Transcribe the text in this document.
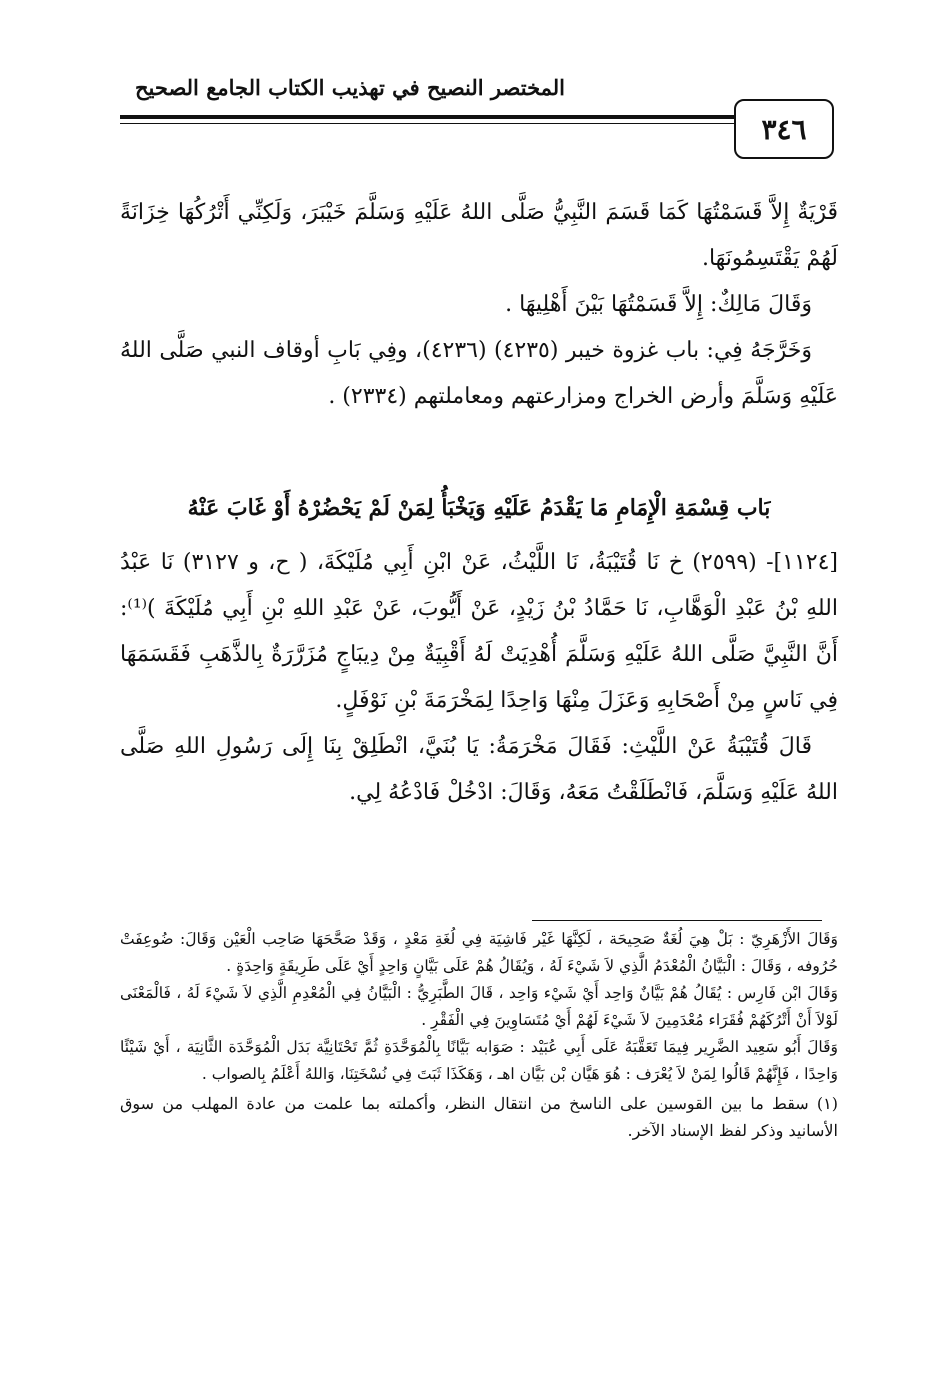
المختصر النصيح في تهذيب الكتاب الجامع الصحيح
٣٤٦

قَرْيَةٌ إِلاَّ قَسَمْتُهَا كَمَا قَسَمَ النَّبِيُّ صَلَّى اللهُ عَلَيْهِ وَسَلَّمَ خَيْبَرَ، وَلَكِنِّي أَتْرُكُهَا خِزَانَةً لَهُمْ يَقْتَسِمُونَهَا.

وَقَالَ مَالِكٌ: إِلاَّ قَسَمْتُهَا بَيْنَ أَهْلِيهَا .

وَخَرَّجَهُ فِي: باب غزوة خيبر (٤٢٣٥) (٤٢٣٦)، وفِي بَابِ أوقاف النبي صَلَّى اللهُ عَلَيْهِ وَسَلَّمَ وأرض الخراج ومزارعتهم ومعاملتهم (٢٣٣٤) .

بَاب قِسْمَةِ الْإِمَامِ مَا يَقْدَمُ عَلَيْهِ وَيَخْبَأُ لِمَنْ لَمْ يَحْضُرْهُ أَوْ غَابَ عَنْهُ

[١١٢٤]- (٢٥٩٩) خ نَا قُتَيْبَةُ، نَا اللَّيْثُ، عَنْ ابْنِ أَبِي مُلَيْكَةَ، ( ح، و ٣١٢٧) نَا عَبْدُ اللهِ بْنُ عَبْدِ الْوَهَّابِ، نَا حَمَّادُ بْنُ زَيْدٍ، عَنْ أَيُّوبَ، عَنْ عَبْدِ اللهِ بْنِ أَبِي مُلَيْكَةَ )⁽¹⁾: أَنَّ النَّبِيَّ صَلَّى اللهُ عَلَيْهِ وَسَلَّمَ أُهْدِيَتْ لَهُ أَقْبِيَةٌ مِنْ دِيبَاجٍ مُزَرَّرَةٌ بِالذَّهَبِ فَقَسَمَهَا فِي نَاسٍ مِنْ أَصْحَابِهِ وَعَزَلَ مِنْهَا وَاحِدًا لِمَخْرَمَةَ بْنِ نَوْفَلٍ.

قَالَ قُتَيْبَةُ عَنْ اللَّيْثِ: فَقَالَ مَخْرَمَةُ: يَا بُنَيَّ، انْطَلِقْ بِنَا إِلَى رَسُولِ اللهِ صَلَّى اللهُ عَلَيْهِ وَسَلَّمَ، فَانْطَلَقْتُ مَعَهُ، وَقَالَ: ادْخُلْ فَادْعُهُ لِي.

وَقَالَ الأَزْهَرِيّ : بَلْ هِيَ لُغَةٌ صَحِيحَة ، لَكِنَّهَا غَيْر فَاشِيَة فِي لُغَةِ مَعْدٍ ، وَقَدْ صَحَّحَهَا صَاحِب الْعَيْن وَقَالَ: ضُوعِفَتْ حُرُوفه ، وَقَالَ : الْبَيَّانُ الْمُعْدَمُ الَّذِي لاَ شَيْءَ لَهُ ، وَيُقَالُ هُمْ عَلَى بَيَّانٍ وَاحِدٍ أَيْ عَلَى طَرِيقَةٍ وَاحِدَةٍ .

وَقَالَ ابْن فَارِس : يُقَالُ هُمْ بَيَّانٌ وَاحِد أَيْ شَيْء وَاحِد ، قَالَ الطَّبَرِيُّ : الْبَيَّانُ فِي الْمُعْدِمِ الَّذِي لاَ شَيْءَ لَهُ ، فَالْمَعْنَى لَوْلاَ أَنْ أَتْرُكَهُمْ فُقَرَاء مُعْدَمِينَ لاَ شَيْءَ لَهُمْ أَيْ مُتَسَاوِينَ فِي الْفَقْرِ .

وَقَالَ أَبُو سَعِيد الضَّرِير فِيمَا تَعَقَّبَهُ عَلَى أَبِي عُبَيْد : صَوَابه بَيَّانًا بِالْمُوَحَّدَةِ ثُمَّ تَحْتَانِيَّة بَدَل الْمُوَحَّدَة الثَّانِيَة ، أَيْ شَيْئًا وَاحِدًا ، فَإِنَّهُمْ قَالُوا لِمَنْ لاَ يُعْرَف : هُوَ هَيَّان بْن بَيَّان اهـ ، وَهَكَذَا ثَبَتَ فِي نُسْخَتِنَا، وَاللهُ أَعْلَمُ بِالصواب .

(١) سقط ما بين القوسين على الناسخ من انتقال النظر، وأكملته بما علمت من عادة المهلب من سوق الأسانيد وذكر لفظ الإسناد الآخر.
